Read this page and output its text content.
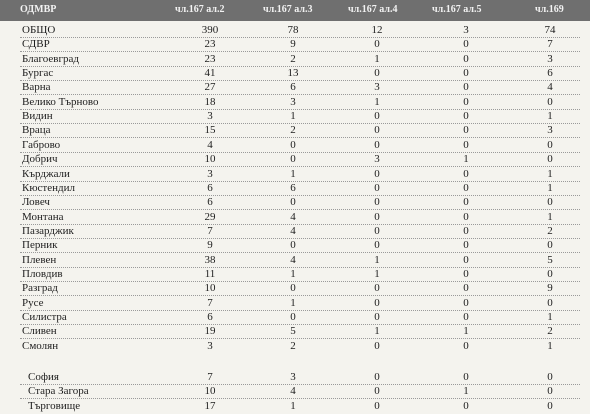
ОДМВР	чл.167 ал.2	чл.167 ал.3	чл.167 ал.4	чл.167 ал.5	чл.169
ОБЩО	390	78	12	3	74
СДВР	23	9	0	0	7
Благоевград	23	2	1	0	3
Бургас	41	13	0	0	6
Варна	27	6	3	0	4
Велико Търново	18	3	1	0	0
Видин	3	1	0	0	1
Враца	15	2	0	0	3
Габрово	4	0	0	0	0
Добрич	10	0	3	1	0
Кърджали	3	1	0	0	1
Кюстендил	6	6	0	0	1
Ловеч	6	0	0	0	0
Монтана	29	4	0	0	1
Пазарджик	7	4	0	0	2
Перник	9	0	0	0	0
Плевен	38	4	1	0	5
Пловдив	11	1	1	0	0
Разград	10	0	0	0	9
Русе	7	1	0	0	0
Силистра	6	0	0	0	1
Сливен	19	5	1	1	2
Смолян	3	2	0	0	1
София	7	3	0	0	0
Стара Загора	10	4	0	1	0
Търговище	17	1	0	0	0
